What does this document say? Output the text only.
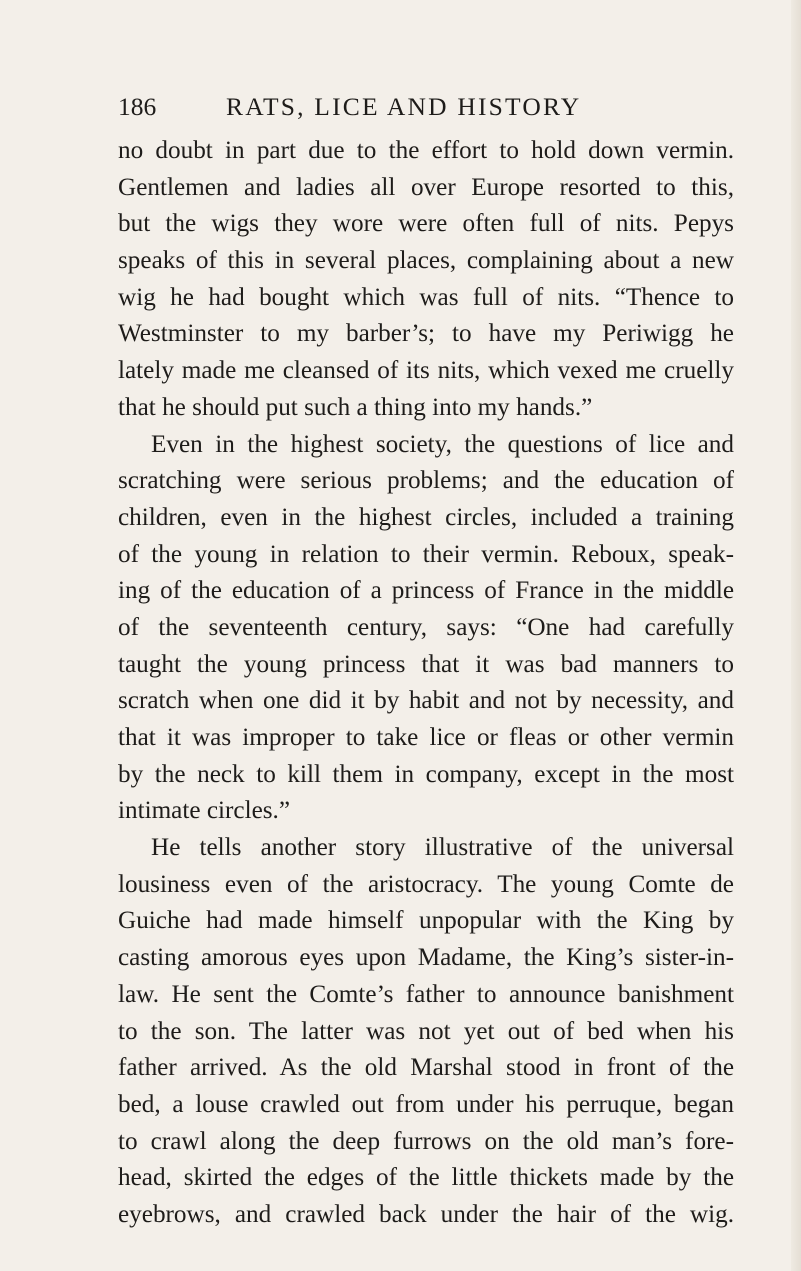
186	RATS, LICE AND HISTORY
no doubt in part due to the effort to hold down vermin.
Gentlemen and ladies all over Europe resorted to this,
but the wigs they wore were often full of nits. Pepys
speaks of this in several places, complaining about a new
wig he had bought which was full of nits. “Thence to
Westminster to my barber’s; to have my Periwigg he
lately made me cleansed of its nits, which vexed me cruelly
that he should put such a thing into my hands.”
Even in the highest society, the questions of lice and
scratching were serious problems; and the education of
children, even in the highest circles, included a training
of the young in relation to their vermin. Reboux, speak-
ing of the education of a princess of France in the middle
of the seventeenth century, says: “One had carefully
taught the young princess that it was bad manners to
scratch when one did it by habit and not by necessity, and
that it was improper to take lice or fleas or other vermin
by the neck to kill them in company, except in the most
intimate circles.”
He tells another story illustrative of the universal
lousiness even of the aristocracy. The young Comte de
Guiche had made himself unpopular with the King by
casting amorous eyes upon Madame, the King’s sister-in-
law. He sent the Comte’s father to announce banishment
to the son. The latter was not yet out of bed when his
father arrived. As the old Marshal stood in front of the
bed, a louse crawled out from under his perruque, began
to crawl along the deep furrows on the old man’s fore-
head, skirted the edges of the little thickets made by the
eyebrows, and crawled back under the hair of the wig.
